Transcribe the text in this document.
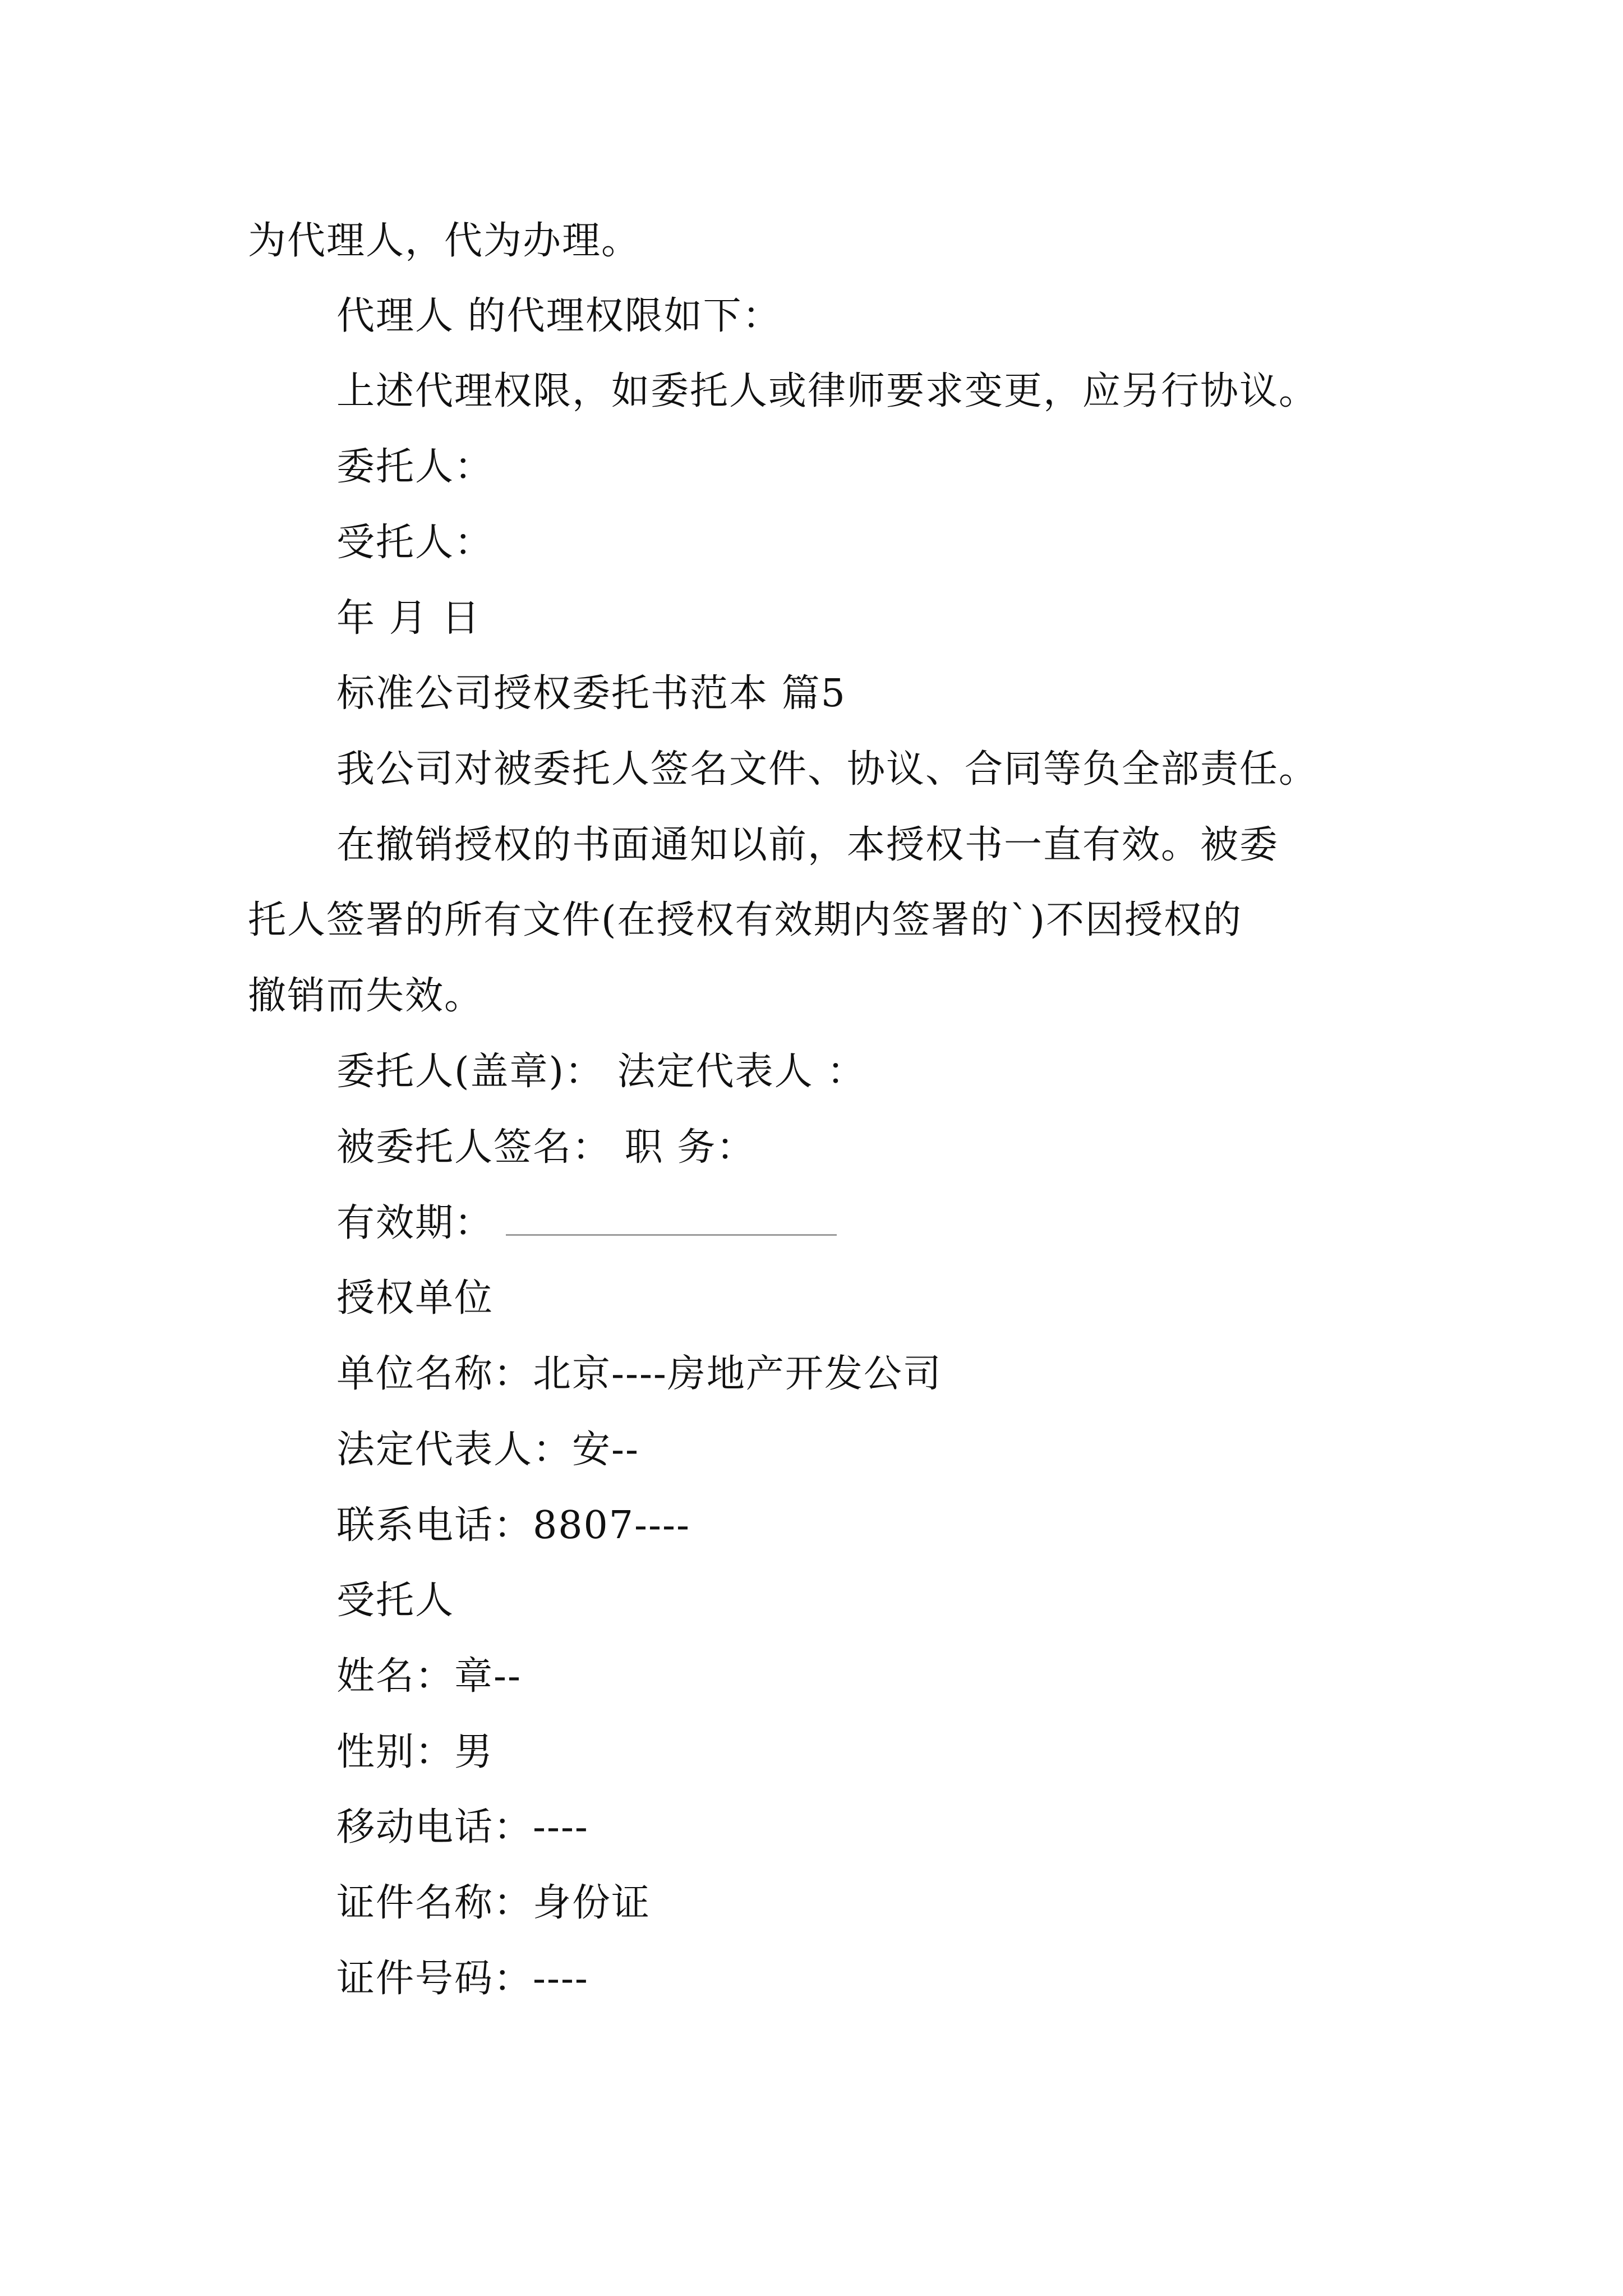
为代理人，代为办理。
代理人 的代理权限如下：
上述代理权限，如委托人或律师要求变更，应另行协议。
委托人：
受托人：
年 月 日
标准公司授权委托书范本 篇5
我公司对被委托人签名文件、协议、合同等负全部责任。
在撤销授权的书面通知以前，本授权书一直有效。被委
托人签署的所有文件(在授权有效期内签署的`)不因授权的
撤销而失效。
委托人(盖章)： 法定代表人 ：
被委托人签名： 职 务：
有效期：
授权单位
单位名称：北京----房地产开发公司
法定代表人：安--
联系电话：8807----
受托人
姓名：章--
性别：男
移动电话：----
证件名称：身份证
证件号码：----
